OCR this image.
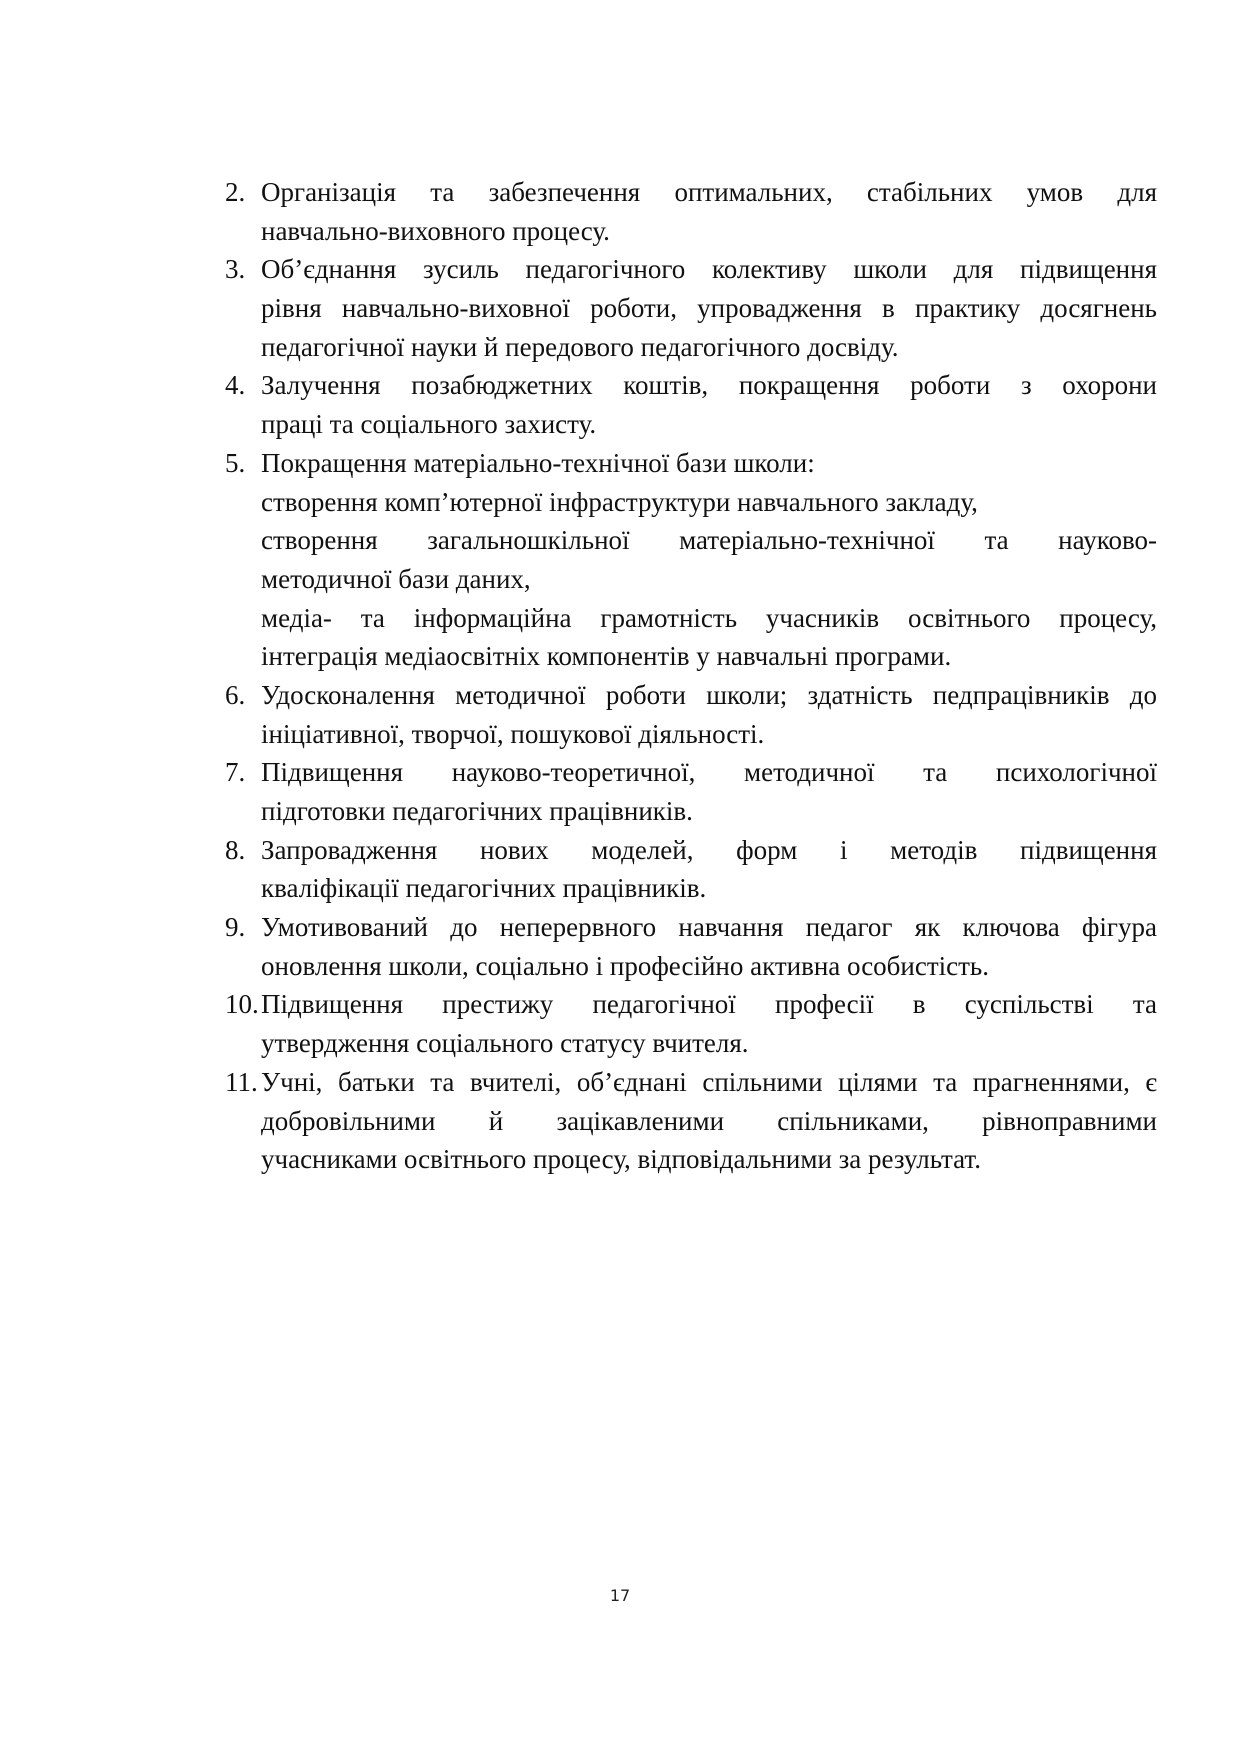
2. Організація та забезпечення оптимальних, стабільних умов для
навчально-виховного процесу.
3. Об’єднання зусиль педагогічного колективу школи для підвищення
рівня навчально-виховної роботи, упровадження в практику досягнень
педагогічної науки й передового педагогічного досвіду.
4. Залучення позабюджетних коштів, покращення роботи з охорони
праці та соціального захисту.
5. Покращення матеріально-технічної бази школи:
створення комп’ютерної інфраструктури навчального закладу,
створення загальношкільної матеріально-технічної та науково-
методичної бази даних,
медіа- та інформаційна грамотність учасників освітнього процесу,
інтеграція медіаосвітніх компонентів у навчальні програми.
6. Удосконалення методичної роботи школи; здатність педпрацівників до
ініціативної, творчої, пошукової діяльності.
7. Підвищення науково-теоретичної, методичної та психологічної
підготовки педагогічних працівників.
8. Запровадження нових моделей, форм і методів підвищення
кваліфікації педагогічних працівників.
9. Умотивований до неперервного навчання педагог як ключова фігура
оновлення школи, соціально і професійно активна особистість.
10. Підвищення престижу педагогічної професії в суспільстві та
утвердження соціального статусу вчителя.
11. Учні, батьки та вчителі, об’єднані спільними цілями та прагненнями, є
добровільними й зацікавленими спільниками, рівноправними
учасниками освітнього процесу, відповідальними за результат.
17
